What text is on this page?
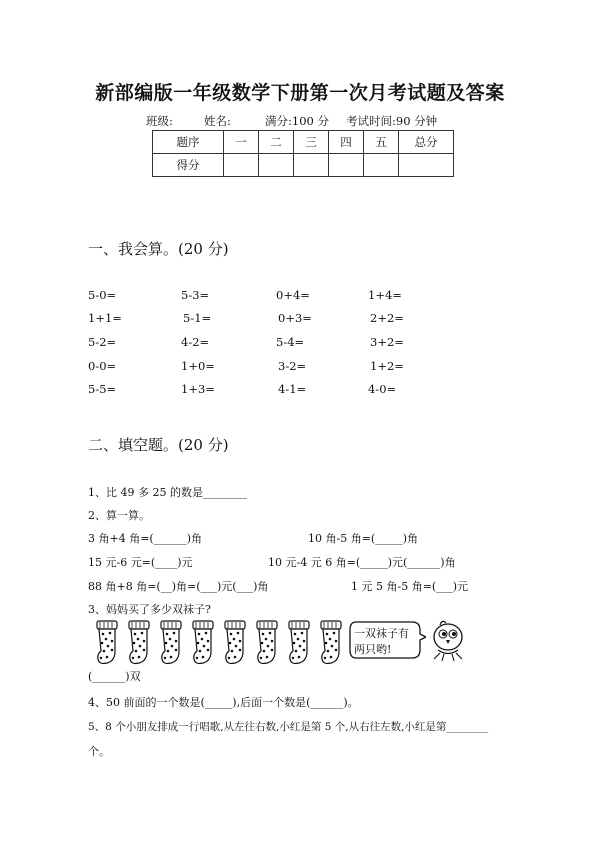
新部编版一年级数学下册第一次月考试题及答案
班级:	姓名:	满分:100 分 考试时间:90 分钟
题序	一	二	三	四	五	总分
得分						
一、我会算。(20 分)
5-0=	5-3=	0+4=	1+4=
1+1=	5-1=	0+3=	2+2=
5-2=	4-2=	5-4=	3+2=
0-0=	1+0=	3-2=	1+2=
5-5=	1+3=	4-1=	4-0=
二、填空题。(20 分)
1、比 49 多 25 的数是________
2、算一算。
3 角+4 角=(______)角	10 角-5 角=(_____)角
15 元-6 元=(____)元	10 元-4 元 6 角=(_____)元(______)角
88 角+8 角=(__)角=(___)元(___)角	1 元 5 角-5 角=(___)元
3、妈妈买了多少双袜子?
一双袜子有
两只哟!
(______)双
4、50 前面的一个数是(_____),后面一个数是(______)。
5、8 个小朋友排成一行唱歌,从左往右数,小红是第 5 个,从右往左数,小红是第________
个。
